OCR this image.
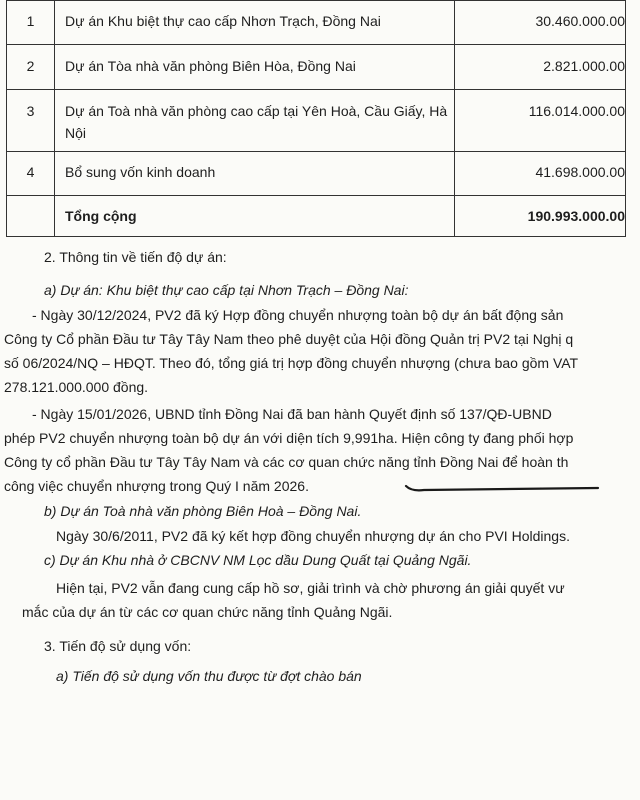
1	Dự án Khu biệt thự cao cấp Nhơn Trạch, Đồng Nai	30.460.000.00
2	Dự án Tòa nhà văn phòng Biên Hòa, Đồng Nai	2.821.000.00
3	Dự án Toà nhà văn phòng cao cấp tại Yên Hoà, Cầu Giấy, Hà Nội	116.014.000.00
4	Bổ sung vốn kinh doanh	41.698.000.00
	Tổng cộng	190.993.000.00
2. Thông tin về tiến độ dự án:
a) Dự án: Khu biệt thự cao cấp tại Nhơn Trạch – Đồng Nai:
- Ngày 30/12/2024, PV2 đã ký Hợp đồng chuyển nhượng toàn bộ dự án bất động sản
Công ty Cổ phần Đầu tư Tây Tây Nam theo phê duyệt của Hội đồng Quản trị PV2 tại Nghị q
số 06/2024/NQ – HĐQT. Theo đó, tổng giá trị hợp đồng chuyển nhượng (chưa bao gồm VAT
278.121.000.000 đồng.
- Ngày 15/01/2026, UBND tỉnh Đồng Nai đã ban hành Quyết định số 137/QĐ-UBND
phép PV2 chuyển nhượng toàn bộ dự án với diện tích 9,991ha. Hiện công ty đang phối hợp
Công ty cổ phần Đầu tư Tây Tây Nam và các cơ quan chức năng tỉnh Đồng Nai để hoàn th
công việc chuyển nhượng trong Quý I năm 2026.
b) Dự án Toà nhà văn phòng Biên Hoà – Đồng Nai.
Ngày 30/6/2011, PV2 đã ký kết hợp đồng chuyển nhượng dự án cho PVI Holdings.
c) Dự án Khu nhà ở CBCNV NM Lọc dầu Dung Quất tại Quảng Ngãi.
Hiện tại, PV2 vẫn đang cung cấp hồ sơ, giải trình và chờ phương án giải quyết vư
mắc của dự án từ các cơ quan chức năng tỉnh Quảng Ngãi.
3. Tiến độ sử dụng vốn:
a) Tiến độ sử dụng vốn thu được từ đợt chào bán
